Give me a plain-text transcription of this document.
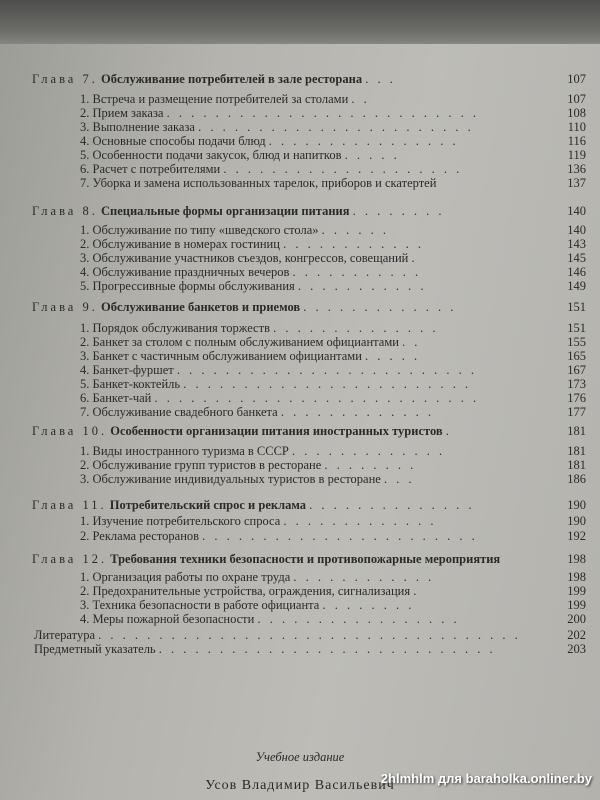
Глава 7. Обслуживание потребителей в зале ресторана . . .	107
1. Встреча и размещение потребителей за столами . .	107
2. Прием заказа . . . . . . . . . . . . . . . . . . . . . . . . . .	108
3. Выполнение заказа . . . . . . . . . . . . . . . . . . . . . . .	110
4. Основные способы подачи блюд . . . . . . . . . . . . . . . .	116
5. Особенности подачи закусок, блюд и напитков . . . . .	119
6. Расчет с потребителями . . . . . . . . . . . . . . . . . . . .	136
7. Уборка и замена использованных тарелок, приборов и скатертей	137
Глава 8. Специальные формы организации питания . . . . . . . .	140
1. Обслуживание по типу «шведского стола» . . . . . .	140
2. Обслуживание в номерах гостиниц . . . . . . . . . . . .	143
3. Обслуживание участников съездов, конгрессов, совещаний .	145
4. Обслуживание праздничных вечеров . . . . . . . . . . .	146
5. Прогрессивные формы обслуживания . . . . . . . . . . .	149
Глава 9. Обслуживание банкетов и приемов . . . . . . . . . . . . .	151
1. Порядок обслуживания торжеств . . . . . . . . . . . . . .	151
2. Банкет за столом с полным обслуживанием официантами . .	155
3. Банкет с частичным обслуживанием официантами . . . . .	165
4. Банкет-фуршет . . . . . . . . . . . . . . . . . . . . . . . . .	167
5. Банкет-коктейль . . . . . . . . . . . . . . . . . . . . . . . .	173
6. Банкет-чай . . . . . . . . . . . . . . . . . . . . . . . . . . .	176
7. Обслуживание свадебного банкета . . . . . . . . . . . . .	177
Глава 10. Особенности организации питания иностранных туристов .	181
1. Виды иностранного туризма в СССР . . . . . . . . . . . . .	181
2. Обслуживание групп туристов в ресторане . . . . . . . .	181
3. Обслуживание индивидуальных туристов в ресторане . . .	186
Глава 11. Потребительский спрос и реклама . . . . . . . . . . . . . .	190
1. Изучение потребительского спроса . . . . . . . . . . . . .	190
2. Реклама ресторанов . . . . . . . . . . . . . . . . . . . . . . .	192
Глава 12. Требования техники безопасности и противопожарные мероприятия	198
1. Организация работы по охране труда . . . . . . . . . . . .	198
2. Предохранительные устройства, ограждения, сигнализация .	199
3. Техника безопасности в работе официанта . . . . . . . .	199
4. Меры пожарной безопасности . . . . . . . . . . . . . . . . .	200
Литература . . . . . . . . . . . . . . . . . . . . . . . . . . . . . . . . . . .	202
Предметный указатель . . . . . . . . . . . . . . . . . . . . . . . . . . . .	203
Учебное издание
Усов Владимир Васильевич
2hlmhlm для baraholka.onliner.by
